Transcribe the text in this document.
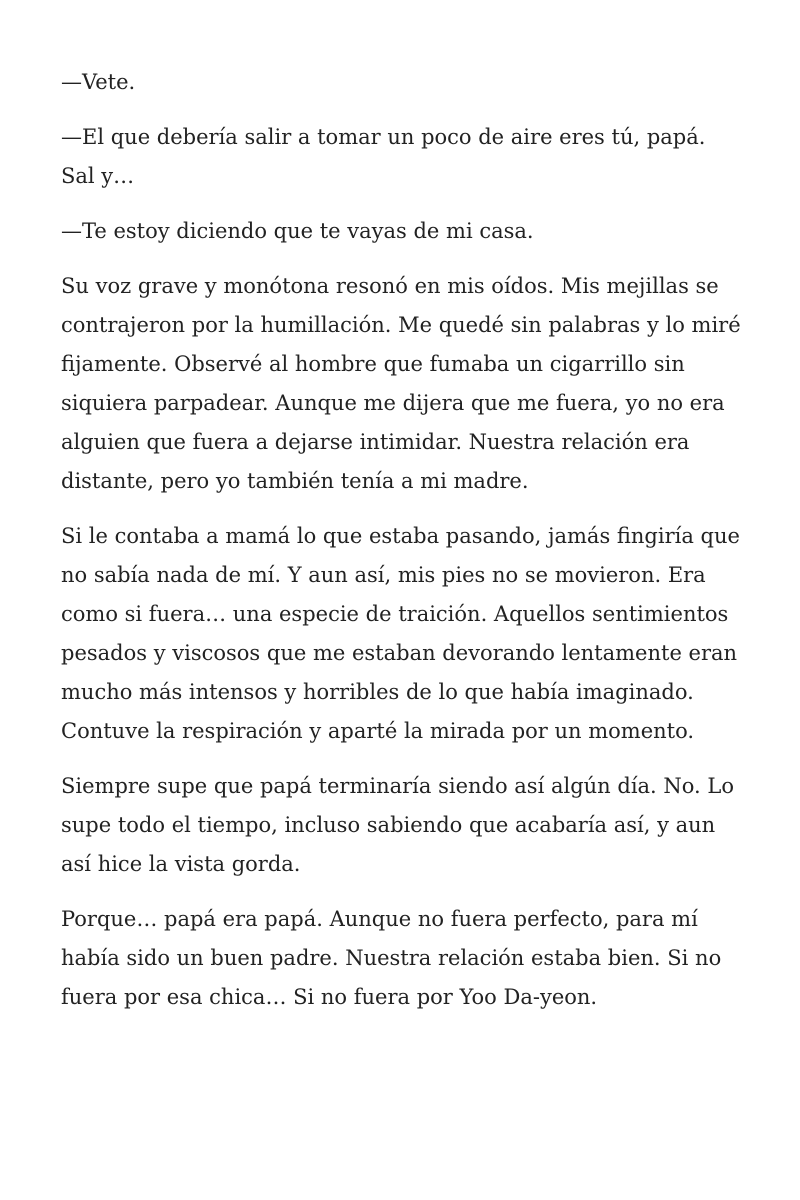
—Vete.

—El que debería salir a tomar un poco de aire eres tú, papá. Sal y…

—Te estoy diciendo que te vayas de mi casa.

Su voz grave y monótona resonó en mis oídos. Mis mejillas se contrajeron por la humillación. Me quedé sin palabras y lo miré fijamente. Observé al hombre que fumaba un cigarrillo sin siquiera parpadear. Aunque me dijera que me fuera, yo no era alguien que fuera a dejarse intimidar. Nuestra relación era distante, pero yo también tenía a mi madre.

Si le contaba a mamá lo que estaba pasando, jamás fingiría que no sabía nada de mí. Y aun así, mis pies no se movieron. Era como si fuera… una especie de traición. Aquellos sentimientos pesados y viscosos que me estaban devorando lentamente eran mucho más intensos y horribles de lo que había imaginado. Contuve la respiración y aparté la mirada por un momento.

Siempre supe que papá terminaría siendo así algún día. No. Lo supe todo el tiempo, incluso sabiendo que acabaría así, y aun así hice la vista gorda.

Porque… papá era papá. Aunque no fuera perfecto, para mí había sido un buen padre. Nuestra relación estaba bien. Si no fuera por esa chica… Si no fuera por Yoo Da-yeon.
